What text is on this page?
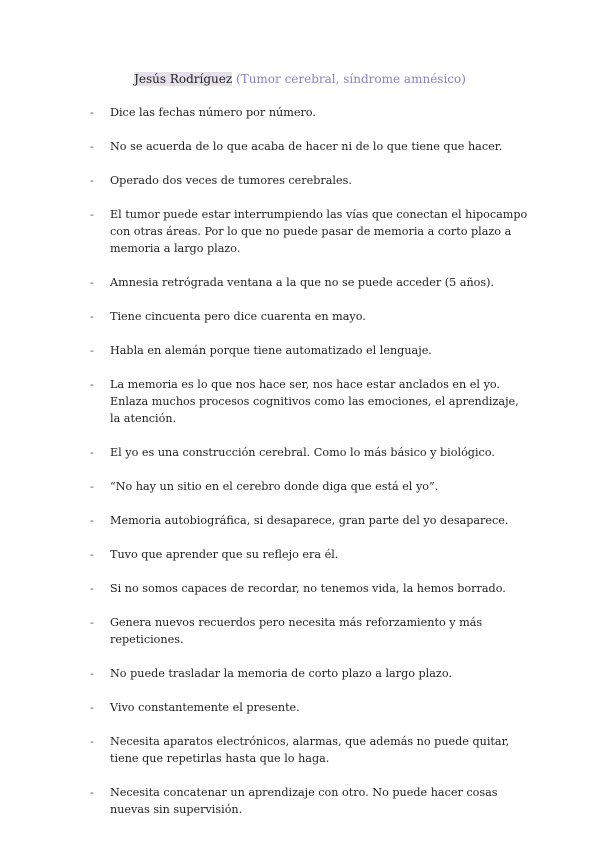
Jesús Rodríguez (Tumor cerebral, síndrome amnésico)
-	Dice las fechas número por número.
-	No se acuerda de lo que acaba de hacer ni de lo que tiene que hacer.
-	Operado dos veces de tumores cerebrales.
-	El tumor puede estar interrumpiendo las vías que conectan el hipocampo con otras áreas. Por lo que no puede pasar de memoria a corto plazo a memoria a largo plazo.
-	Amnesia retrógrada ventana a la que no se puede acceder (5 años).
-	Tiene cincuenta pero dice cuarenta en mayo.
-	Habla en alemán porque tiene automatizado el lenguaje.
-	La memoria es lo que nos hace ser, nos hace estar anclados en el yo. Enlaza muchos procesos cognitivos como las emociones, el aprendizaje, la atención.
-	El yo es una construcción cerebral. Como lo más básico y biológico.
-	“No hay un sitio en el cerebro donde diga que está el yo”.
-	Memoria autobiográfica, si desaparece, gran parte del yo desaparece.
-	Tuvo que aprender que su reflejo era él.
-	Si no somos capaces de recordar, no tenemos vida, la hemos borrado.
-	Genera nuevos recuerdos pero necesita más reforzamiento y más repeticiones.
-	No puede trasladar la memoria de corto plazo a largo plazo.
-	Vivo constantemente el presente.
-	Necesita aparatos electrónicos, alarmas, que además no puede quitar, tiene que repetirlas hasta que lo haga.
-	Necesita concatenar un aprendizaje con otro. No puede hacer cosas nuevas sin supervisión.
